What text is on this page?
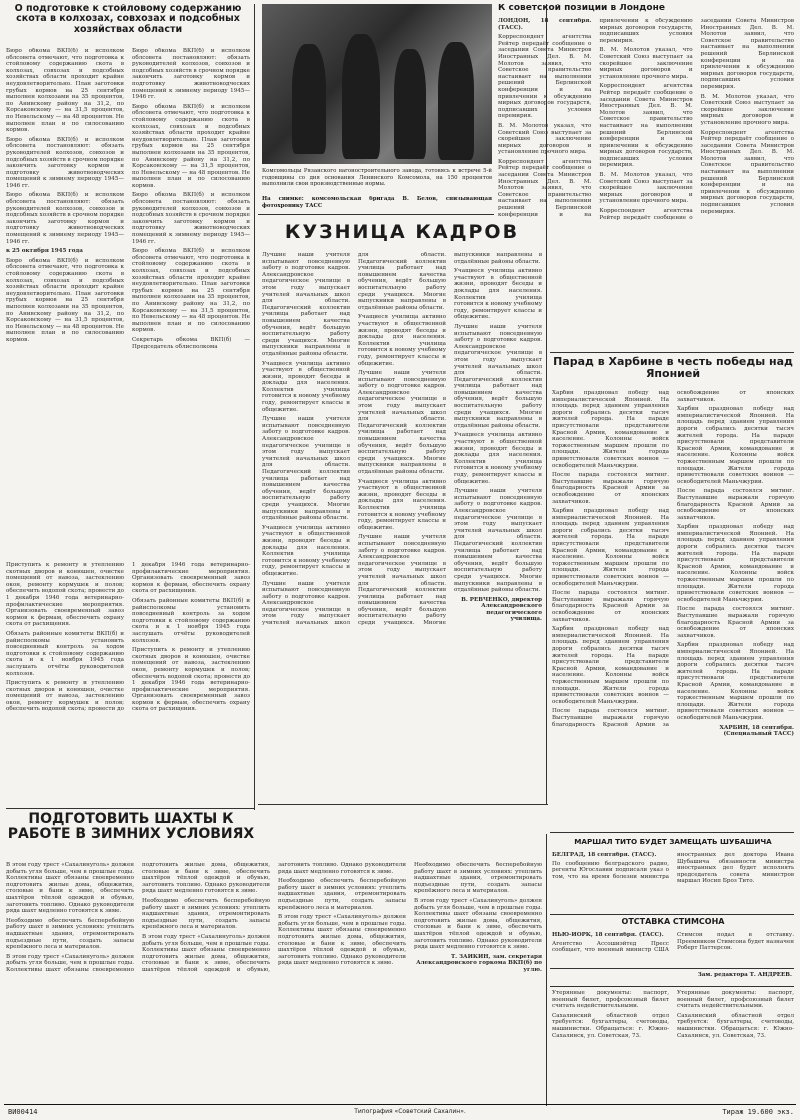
О подготовке к стойловому содержанию скота в колхозах, совхозах и подсобных хозяйствах области

Бюро обкома ВКП(б) и исполком облсовета отмечают, что подготовка к стойловому содержанию скота в колхозах, совхозах и подсобных хозяйствах области проходит крайне неудовлетворительно. План заготовки грубых кормов на 25 сентября выполнен колхозами на 35 процентов, по Анивскому району на 31,2, по Корсаковскому — на 31,5 процентов, по Невельскому — на 48 процентов. Не выполнен план и по силосованию кормов.

Бюро обкома ВКП(б) и исполком облсовета постановляют: обязать руководителей колхозов, совхозов и подсобных хозяйств в срочном порядке закончить заготовку кормов и подготовку животноводческих помещений к зимнему периоду 1945—1946 гг.

Бюро обкома ВКП(б) и исполком облсовета постановляют: обязать руководителей колхозов, совхозов и подсобных хозяйств в срочном порядке закончить заготовку кормов и подготовку животноводческих помещений к зимнему периоду 1945—1946 гг.

к 25 октября 1945 года

Бюро обкома ВКП(б) и исполком облсовета отмечают, что подготовка к стойловому содержанию скота в колхозах, совхозах и подсобных хозяйствах области проходит крайне неудовлетворительно. План заготовки грубых кормов на 25 сентября выполнен колхозами на 35 процентов, по Анивскому району на 31,2, по Корсаковскому — на 31,5 процентов, по Невельскому — на 48 процентов. Не выполнен план и по силосованию кормов.

Бюро обкома ВКП(б) и исполком облсовета постановляют: обязать руководителей колхозов, совхозов и подсобных хозяйств в срочном порядке закончить заготовку кормов и подготовку животноводческих помещений к зимнему периоду 1945—1946 гг.

Бюро обкома ВКП(б) и исполком облсовета отмечают, что подготовка к стойловому содержанию скота в колхозах, совхозах и подсобных хозяйствах области проходит крайне неудовлетворительно. План заготовки грубых кормов на 25 сентября выполнен колхозами на 35 процентов, по Анивскому району на 31,2, по Корсаковскому — на 31,5 процентов, по Невельскому — на 48 процентов. Не выполнен план и по силосованию кормов.

Бюро обкома ВКП(б) и исполком облсовета постановляют: обязать руководителей колхозов, совхозов и подсобных хозяйств в срочном порядке закончить заготовку кормов и подготовку животноводческих помещений к зимнему периоду 1945—1946 гг.

Бюро обкома ВКП(б) и исполком облсовета отмечают, что подготовка к стойловому содержанию скота в колхозах, совхозах и подсобных хозяйствах области проходит крайне неудовлетворительно. План заготовки грубых кормов на 25 сентября выполнен колхозами на 35 процентов, по Анивскому району на 31,2, по Корсаковскому — на 31,5 процентов, по Невельскому — на 48 процентов. Не выполнен план и по силосованию кормов.

Секретарь обкома ВКП(б) — Председатель облисполкома

Приступить к ремонту и утеплению скотных дворов и конюшен, очистке помещений от навоза, застеклению окон, ремонту кормушек и полов; обеспечить водопой скота; провести до 1 декабря 1946 года ветеринарно-профилактические мероприятия. Организовать своевременный завоз кормов к фермам, обеспечить охрану скота от расхищения.

Обязать районные комитеты ВКП(б) и райисполкомы установить повседневный контроль за ходом подготовки к стойловому содержанию скота и к 1 ноября 1945 года заслушать отчёты руководителей колхозов.

Приступить к ремонту и утеплению скотных дворов и конюшен, очистке помещений от навоза, застеклению окон, ремонту кормушек и полов; обеспечить водопой скота; провести до 1 декабря 1946 года ветеринарно-профилактические мероприятия. Организовать своевременный завоз кормов к фермам, обеспечить охрану скота от расхищения.

Обязать районные комитеты ВКП(б) и райисполкомы установить повседневный контроль за ходом подготовки к стойловому содержанию скота и к 1 ноября 1945 года заслушать отчёты руководителей колхозов.

Приступить к ремонту и утеплению скотных дворов и конюшен, очистке помещений от навоза, застеклению окон, ремонту кормушек и полов; обеспечить водопой скота; провести до 1 декабря 1946 года ветеринарно-профилактические мероприятия. Организовать своевременный завоз кормов к фермам, обеспечить охрану скота от расхищения.

Комсомольцы Рязанского вагоностроительного завода, готовясь к встрече 5-й годовщины со дня основания Ленинского Комсомола, на 150 процентов выполнили свои производственные нормы.
На снимке: комсомольская бригада В. Белов, снизывающая фотохронику ТАСС
КУЗНИЦА КАДРОВ

Лучшие наши учителя испытывают повседневную заботу о подготовке кадров. Александровское педагогическое училище в этом году выпускает учителей начальных школ для области. Педагогический коллектив училища работает над повышением качества обучения, ведёт большую воспитательную работу среди учащихся. Многие выпускники направлены в отдалённые районы области.

Учащиеся училища активно участвуют в общественной жизни, проводят беседы и доклады для населения. Коллектив училища готовится к новому учебному году, ремонтирует классы и общежитие.

Лучшие наши учителя испытывают повседневную заботу о подготовке кадров. Александровское педагогическое училище в этом году выпускает учителей начальных школ для области. Педагогический коллектив училища работает над повышением качества обучения, ведёт большую воспитательную работу среди учащихся. Многие выпускники направлены в отдалённые районы области.

Учащиеся училища активно участвуют в общественной жизни, проводят беседы и доклады для населения. Коллектив училища готовится к новому учебному году, ремонтирует классы и общежитие.

Лучшие наши учителя испытывают повседневную заботу о подготовке кадров. Александровское педагогическое училище в этом году выпускает учителей начальных школ для области. Педагогический коллектив училища работает над повышением качества обучения, ведёт большую воспитательную работу среди учащихся. Многие выпускники направлены в отдалённые районы области.

Учащиеся училища активно участвуют в общественной жизни, проводят беседы и доклады для населения. Коллектив училища готовится к новому учебному году, ремонтирует классы и общежитие.

Лучшие наши учителя испытывают повседневную заботу о подготовке кадров. Александровское педагогическое училище в этом году выпускает учителей начальных школ для области. Педагогический коллектив училища работает над повышением качества обучения, ведёт большую воспитательную работу среди учащихся. Многие выпускники направлены в отдалённые районы области.

Учащиеся училища активно участвуют в общественной жизни, проводят беседы и доклады для населения. Коллектив училища готовится к новому учебному году, ремонтирует классы и общежитие.

Лучшие наши учителя испытывают повседневную заботу о подготовке кадров. Александровское педагогическое училище в этом году выпускает учителей начальных школ для области. Педагогический коллектив училища работает над повышением качества обучения, ведёт большую воспитательную работу среди учащихся. Многие выпускники направлены в отдалённые районы области.

Учащиеся училища активно участвуют в общественной жизни, проводят беседы и доклады для населения. Коллектив училища готовится к новому учебному году, ремонтирует классы и общежитие.

Лучшие наши учителя испытывают повседневную заботу о подготовке кадров. Александровское педагогическое училище в этом году выпускает учителей начальных школ для области. Педагогический коллектив училища работает над повышением качества обучения, ведёт большую воспитательную работу среди учащихся. Многие выпускники направлены в отдалённые районы области.

Учащиеся училища активно участвуют в общественной жизни, проводят беседы и доклады для населения. Коллектив училища готовится к новому учебному году, ремонтирует классы и общежитие.

Лучшие наши учителя испытывают повседневную заботу о подготовке кадров. Александровское педагогическое училище в этом году выпускает учителей начальных школ для области. Педагогический коллектив училища работает над повышением качества обучения, ведёт большую воспитательную работу среди учащихся. Многие выпускники направлены в отдалённые районы области.

В. РЕВЧЕНКО, директор Александровского педагогического училища.

К советской позиции в Лондоне

ЛОНДОН, 18 сентября. (ТАСС).

Корреспондент агентства Рейтер передаёт сообщение о заседании Совета Министров Иностранных Дел. В. М. Молотов заявил, что Советское правительство настаивает на выполнении решений Берлинской конференции и на привлечении к обсуждению мирных договоров государств, подписавших условия перемирия.

В. М. Молотов указал, что Советский Союз выступает за скорейшее заключение мирных договоров и установление прочного мира.

Корреспондент агентства Рейтер передаёт сообщение о заседании Совета Министров Иностранных Дел. В. М. Молотов заявил, что Советское правительство настаивает на выполнении решений Берлинской конференции и на привлечении к обсуждению мирных договоров государств, подписавших условия перемирия.

В. М. Молотов указал, что Советский Союз выступает за скорейшее заключение мирных договоров и установление прочного мира.

Корреспондент агентства Рейтер передаёт сообщение о заседании Совета Министров Иностранных Дел. В. М. Молотов заявил, что Советское правительство настаивает на выполнении решений Берлинской конференции и на привлечении к обсуждению мирных договоров государств, подписавших условия перемирия.

В. М. Молотов указал, что Советский Союз выступает за скорейшее заключение мирных договоров и установление прочного мира.

Корреспондент агентства Рейтер передаёт сообщение о заседании Совета Министров Иностранных Дел. В. М. Молотов заявил, что Советское правительство настаивает на выполнении решений Берлинской конференции и на привлечении к обсуждению мирных договоров государств, подписавших условия перемирия.

В. М. Молотов указал, что Советский Союз выступает за скорейшее заключение мирных договоров и установление прочного мира.

Корреспондент агентства Рейтер передаёт сообщение о заседании Совета Министров Иностранных Дел. В. М. Молотов заявил, что Советское правительство настаивает на выполнении решений Берлинской конференции и на привлечении к обсуждению мирных договоров государств, подписавших условия перемирия.

Парад в Харбине в честь победы над Японией

Харбин праздновал победу над империалистической Японией. На площадь перед зданием управления дороги собрались десятки тысяч жителей города. На параде присутствовали представители Красной Армии, командование и население. Колонны войск торжественным маршем прошли по площади. Жители города приветствовали советских воинов — освободителей Маньчжурии.

После парада состоялся митинг. Выступавшие выражали горячую благодарность Красной Армии за освобождение от японских захватчиков.

Харбин праздновал победу над империалистической Японией. На площадь перед зданием управления дороги собрались десятки тысяч жителей города. На параде присутствовали представители Красной Армии, командование и население. Колонны войск торжественным маршем прошли по площади. Жители города приветствовали советских воинов — освободителей Маньчжурии.

После парада состоялся митинг. Выступавшие выражали горячую благодарность Красной Армии за освобождение от японских захватчиков.

Харбин праздновал победу над империалистической Японией. На площадь перед зданием управления дороги собрались десятки тысяч жителей города. На параде присутствовали представители Красной Армии, командование и население. Колонны войск торжественным маршем прошли по площади. Жители города приветствовали советских воинов — освободителей Маньчжурии.

После парада состоялся митинг. Выступавшие выражали горячую благодарность Красной Армии за освобождение от японских захватчиков.

Харбин праздновал победу над империалистической Японией. На площадь перед зданием управления дороги собрались десятки тысяч жителей города. На параде присутствовали представители Красной Армии, командование и население. Колонны войск торжественным маршем прошли по площади. Жители города приветствовали советских воинов — освободителей Маньчжурии.

После парада состоялся митинг. Выступавшие выражали горячую благодарность Красной Армии за освобождение от японских захватчиков.

Харбин праздновал победу над империалистической Японией. На площадь перед зданием управления дороги собрались десятки тысяч жителей города. На параде присутствовали представители Красной Армии, командование и население. Колонны войск торжественным маршем прошли по площади. Жители города приветствовали советских воинов — освободителей Маньчжурии.

После парада состоялся митинг. Выступавшие выражали горячую благодарность Красной Армии за освобождение от японских захватчиков.

Харбин праздновал победу над империалистической Японией. На площадь перед зданием управления дороги собрались десятки тысяч жителей города. На параде присутствовали представители Красной Армии, командование и население. Колонны войск торжественным маршем прошли по площади. Жители города приветствовали советских воинов — освободителей Маньчжурии.

ХАРБИН, 18 сентября. (Специальный ТАСС)

ПОДГОТОВИТЬ ШАХТЫ К РАБОТЕ В ЗИМНИХ УСЛОВИЯХ

В этом году трест «Сахалинуголь» должен добыть угля больше, чем в прошлые годы. Коллективы шахт обязаны своевременно подготовить жилые дома, общежития, столовые и бани к зиме, обеспечить шахтёров тёплой одеждой и обувью, заготовить топливо. Однако руководители ряда шахт медленно готовятся к зиме.

Необходимо обеспечить бесперебойную работу шахт в зимних условиях: утеплить надшахтные здания, отремонтировать подъездные пути, создать запасы крепёжного леса и материалов.

В этом году трест «Сахалинуголь» должен добыть угля больше, чем в прошлые годы. Коллективы шахт обязаны своевременно подготовить жилые дома, общежития, столовые и бани к зиме, обеспечить шахтёров тёплой одеждой и обувью, заготовить топливо. Однако руководители ряда шахт медленно готовятся к зиме.

Необходимо обеспечить бесперебойную работу шахт в зимних условиях: утеплить надшахтные здания, отремонтировать подъездные пути, создать запасы крепёжного леса и материалов.

В этом году трест «Сахалинуголь» должен добыть угля больше, чем в прошлые годы. Коллективы шахт обязаны своевременно подготовить жилые дома, общежития, столовые и бани к зиме, обеспечить шахтёров тёплой одеждой и обувью, заготовить топливо. Однако руководители ряда шахт медленно готовятся к зиме.

Необходимо обеспечить бесперебойную работу шахт в зимних условиях: утеплить надшахтные здания, отремонтировать подъездные пути, создать запасы крепёжного леса и материалов.

В этом году трест «Сахалинуголь» должен добыть угля больше, чем в прошлые годы. Коллективы шахт обязаны своевременно подготовить жилые дома, общежития, столовые и бани к зиме, обеспечить шахтёров тёплой одеждой и обувью, заготовить топливо. Однако руководители ряда шахт медленно готовятся к зиме.

Необходимо обеспечить бесперебойную работу шахт в зимних условиях: утеплить надшахтные здания, отремонтировать подъездные пути, создать запасы крепёжного леса и материалов.

В этом году трест «Сахалинуголь» должен добыть угля больше, чем в прошлые годы. Коллективы шахт обязаны своевременно подготовить жилые дома, общежития, столовые и бани к зиме, обеспечить шахтёров тёплой одеждой и обувью, заготовить топливо. Однако руководители ряда шахт медленно готовятся к зиме.

Т. ЗАИКИН, зам. секретаря Александровского горкома ВКП(б) по углю.

МАРШАЛ ТИТО БУДЕТ ЗАМЕЩАТЬ ШУБАШИЧА

БЕЛГРАД, 18 сентября. (ТАСС).

По сообщению белградского радио, регенты Югославии подписали указ о том, что на время болезни министра иностранных дел доктора Ивана Шубашича обязанности министра иностранных дел будет исполнять председатель совета министров маршал Иосип Броз Тито.

ОТСТАВКА СТИМСОНА

НЬЮ-ЙОРК, 18 сентября. (ТАСС).

Агентство Ассошиэйтед Пресс сообщает, что военный министр США Стимсон подал в отставку. Преемником Стимсона будет назначен Роберт Паттерсон.

Зам. редактора Т. АНДРЕЕВ.

Утерянные документы: паспорт, военный билет, профсоюзный билет считать недействительными.

Сахалинский областной отдел требуется: бухгалтеры, счетоводы, машинистки. Обращаться: г. Южно-Сахалинск, ул. Советская, 73.

Утерянные документы: паспорт, военный билет, профсоюзный билет считать недействительными.

Сахалинский областной отдел требуется: бухгалтеры, счетоводы, машинистки. Обращаться: г. Южно-Сахалинск, ул. Советская, 73.

ВИ00414	Типография «Советский Сахалин».	Тираж 19.600 экз.
